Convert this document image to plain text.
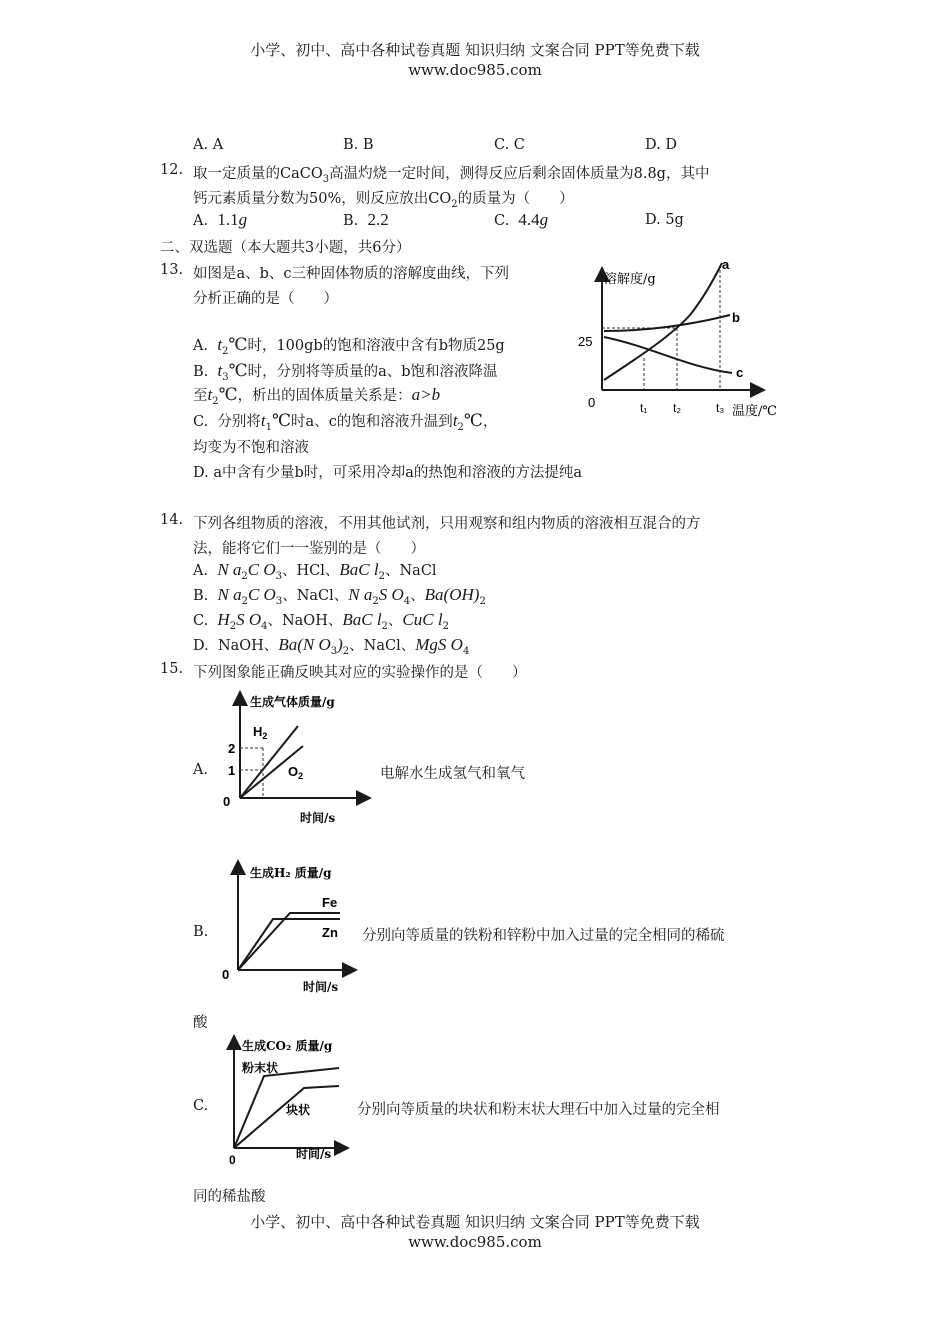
小学、初中、高中各种试卷真题 知识归纳 文案合同 PPT等免费下载
www.doc985.com
A. A	B. B	C. C	D. D
12. 取一定质量的CaCO$_3$高温灼烧一定时间，测得反应后剩余固体质量为8.8g，其中
钙元素质量分数为50%，则反应放出$CO_2$的质量为（　　）
A. 1.1g	B. 2.2	C. 4.4g	D. 5g
二、双选题（本大题共3小题，共6分）
13. 如图是a、b、c三种固体物质的溶解度曲线，下列
分析正确的是（　　）
A. $t_2℃$时，100gb的饱和溶液中含有b物质25g
B. $t_3℃$时，分别将等质量的a、b饱和溶液降温
至$t_2℃$，析出的固体质量关系是：a>b
C. 分别将$t_1℃$时a、c的饱和溶液升温到$t_2℃$，
均变为不饱和溶液
D. a中含有少量b时，可采用冷却a的热饱和溶液的方法提纯a
溶解度/g
温度/℃
0
25
a
b
c
t₁ t₂	t₃
14. 下列各组物质的溶液，不用其他试剂，只用观察和组内物质的溶液相互混合的方
法，能将它们一一鉴别的是（　　）
A. N $a_2C$ $O_3$、HCl、BaC $l_2$、NaCl
B. N $a_2C$ $O_3$、NaCl、N $a_2S$ $O_4$、$Ba(OH)_2$
C. $H_2S$ $O_4$、NaOH、BaC $l_2$、CuC $l_2$
D. NaOH、Ba(N $O_3)_2$、NaCl、MgS $O_4$
15. 下列图象能正确反映其对应的实验操作的是（　　）
A.	电解水生成氢气和氧气
生成气体质量/g
时间/s
0
2
1
$H_2$
$O_2$
B.	分别向等质量的铁粉和锌粉中加入过量的完全相同的稀硫
酸
生成H₂ 质量/g
时间/s
0
Fe
Zn
C.	分别向等质量的块状和粉末状大理石中加入过量的完全相
同的稀盐酸
生成CO₂ 质量/g
时间/s
0
粉末状
块状
小学、初中、高中各种试卷真题 知识归纳 文案合同 PPT等免费下载
www.doc985.com
